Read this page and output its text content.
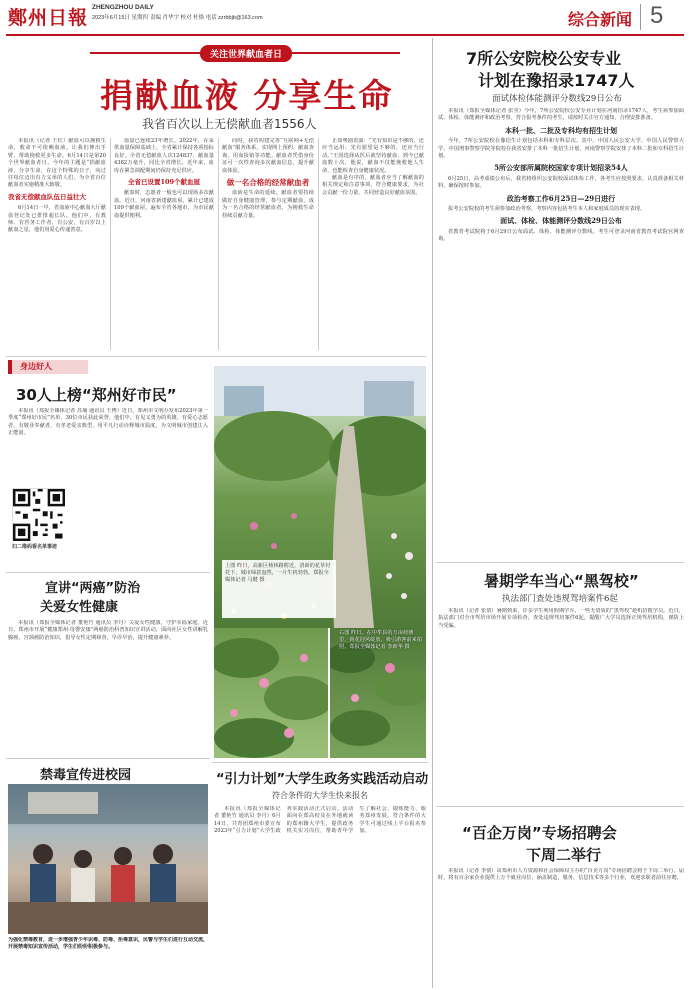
鄭州日報 ZHENGZHOU DAILY
2023年6月15日 星期四 责编 肖华宇 校对 杜焕 电话 zzrbbjb@163.com	综合新闻 5
关注世界献血者日
捐献血液 分享生命
我省百次以上无偿献血者1556人

本报讯（记者 王红）献血可以挽救生命，救命不可依赖血液。让我们伸出手臂，帮助挽救更多生命。6月14日是第20个世界献血者日，今年的主题是“捐献血液，分享生命，在这个特殊的日子，向过往每位迈出有力义举的人们，为全省百位献血者实施精准大致敬。

我省无偿献血队伍日益壮大

6月14日一早，省血液中心献血大厅献血登记处已排排超长队。他们中，有教师、有医务工作者、有公安，有百岁以上献血之星，他们用爱心传递善意。

血量已连续23年增长。2022年，在采供血量保障基础上，全省累计保持各项指标良好。全省无偿献血人次124837，献血量4382万毫升，同比全省增长。近年来，血库在紧急调配期间仍保持充足供应。

全省已设置109个献血屋

献血时，志愿者一般也可以现场多次献血。近日，河南省新建献血屋，累计已建成109个献血屋，遍布全省各地市，为市民献血提供便利。

同时，我省构建完善“互联网+无偿献血”服务体系，实现网上预约、献血查询、用血报销等功能。献血者凭借身份证可一次性查询多次献血信息，提升献血体验。

做一名合格的经常献血者

血液是生命的延续。献血者要持续做好自身健康管理，参与定期献血，成为一名合格的经常献血者，为挽救生命持续贡献力量。

正如粤剧表演：“光有知识是不够的，还应当运用；光有愿望是不够的，还应当行动。”王国选择从医后就坚持献血，到今已献血数十次，他说，献血不仅能挽救他人生命，也能检查自身健康状况。

献血是有序的，献血者应当了解献血的相关规定和注意事项，符合健康要求，为社会贡献一份力量，共同营造良好献血氛围。

身边好人
30人上榜“郑州好市民”
本报讯（郑报全媒体记者 苏瑜 通讯员 王博）近日，郑州市文明办发布2023年第一季度“郑州好市民”名单，30位市民获此荣誉。他们中，有见义勇为的英雄，有爱心志愿者，有敬业奉献者，有孝老爱亲典型，用平凡行动诠释城市温度，为文明城市创建注入正能量。
扫二维码看名单事迹
宣讲“两癌”防治
关爱女性健康
本报讯（郑报全媒体记者 董艳竹 通讯员 李丹）关爱女性健康，守护幸福家庭。近日，郑州市开展“健康郑州·母婴安康”两癌防治科普知识宣讲活动，面向社区女性讲解乳腺癌、宫颈癌防治知识，倡导女性定期筛查、早诊早治，提升健康素养。
禁毒宣传进校园
为强化禁毒教育，进一步增强青少年识毒、防毒、拒毒意识，民警与学生们进行互动交流，开展禁毒知识宣传活动，学生们纷纷积极参与。
上图 昨日，高新区杨林路附近，清新的花草衬托下，城市绿意盎然，一片生机勃勃。郑报全媒体记者 马健 摄
右图 昨日，在中牟县的万亩荷塘里，荷花迎风绽放，吸引游客前来拍照。郑报全媒体记者 李新华 摄
“引力计划”大学生政务实践活动启动
符合条件的大学生快来报名
本报讯（郑报全媒体记者 董艳竹 通讯员 李丹）6月14日，共青团郑州市委宣布2023年“引力计划”大学生政务实践活动正式启动。活动面向在郑高校及在外地就读的郑州籍大学生，提供政务机关实习岗位，帮助青年学生了解社会、锻炼能力、服务郑州发展。符合条件的大学生可通过线上平台报名参加。
7所公安院校公安专业
计划在豫招录1747人
面试体检体能测评分数线29日公布

本报讯（郑报全媒体记者 张莹）今年，7所公安院校公安专业计划在河南招录1747人，考生须参加面试、体检、体能测评和政治考察。符合报考条件的考生，请按时关注官方通知，合理安排准备。

本科一批、二批及专科均有招生计划

今年，7所公安院校在豫招生计划包括本科和专科层次。其中，中国人民公安大学、中国人民警察大学、中国刑事警察学院等院校在我省安排了本科一批招生计划，河南警察学院安排了本科二批和专科招生计划。

5所公安部所属院校国家专项计划招录54人

6月25日，高考成绩公布后，我省将组织公安院校面试体检工作，各考生应按照要求，认真准备相关材料，确保按时参加。

政治考察工作6月25日—29日进行

报考公安院校的考生须参加政治考察，考察内容包括考生本人和家庭成员的现实表现。

面试、体检、体能测评分数线29日公布

省教育考试院将于6月29日公布面试、体检、体能测评分数线，考生可登录河南省教育考试院官网查询。

暑期学车当心“黑驾校”
执法部门查处违规驾培案件6起
本报讯（记者 张倩）暑期到来，许多学生利用假期学车，一些无资质的“黑驾校”趁机招揽学员。近日，执法部门对全市驾培市场开展专项检查，查处违规驾培案件6起，提醒广大学员选择正规驾培机构，谨防上当受骗。
“百企万岗”专场招聘会
下周二举行
本报讯（记者 李倩）由郑州市人力资源和社会保障局主办的“百企万岗”专场招聘会将于下周二举行。届时，将有百余家企业提供上万个就业岗位，涵盖制造、服务、信息技术等多个行业，欢迎求职者前往应聘。
